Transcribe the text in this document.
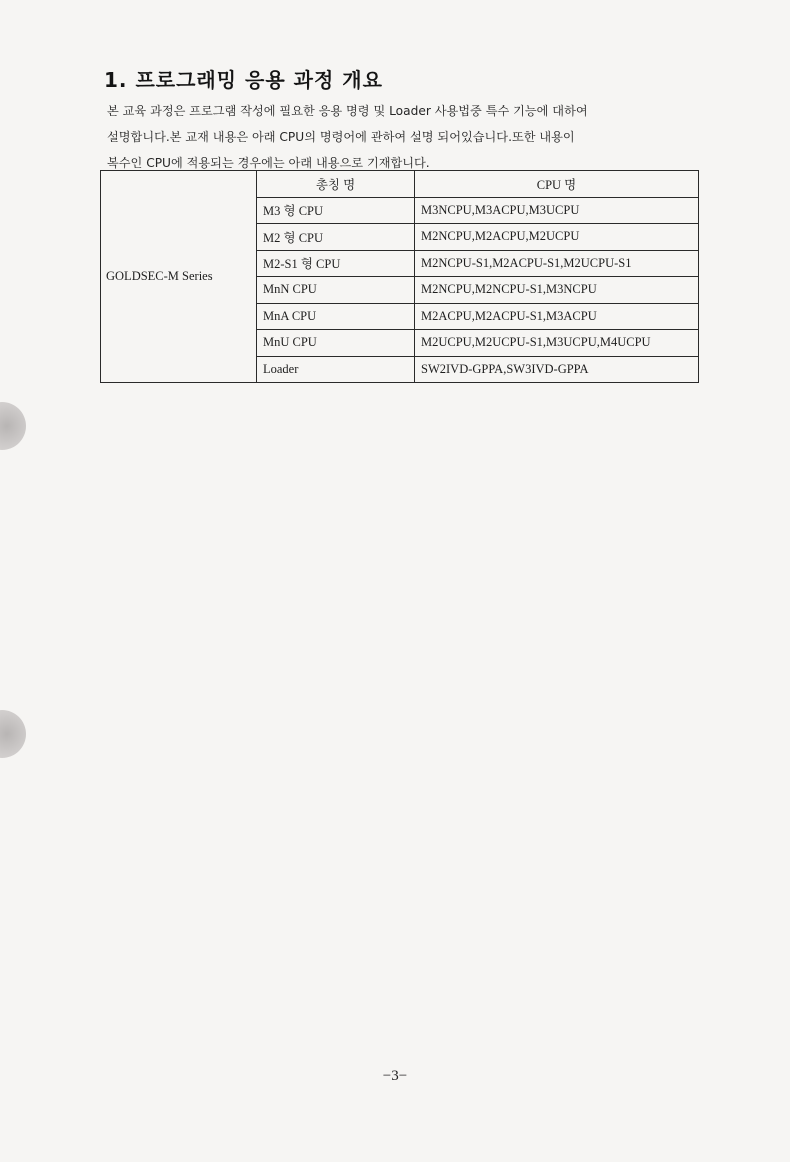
1. 프로그래밍 응용 과정 개요
본 교육 과정은 프로그램 작성에 필요한 응용 명령 및 Loader 사용법중 특수 기능에 대하여
설명합니다.본 교재 내용은 아래 CPU의 명령어에 관하여 설명 되어있습니다.또한 내용이
복수인 CPU에 적용되는 경우에는 아래 내용으로 기재합니다.
GOLDSEC-M Series	총칭 명	CPU 명
	M3 형 CPU	M3NCPU,M3ACPU,M3UCPU
	M2 형 CPU	M2NCPU,M2ACPU,M2UCPU
	M2-S1 형 CPU	M2NCPU-S1,M2ACPU-S1,M2UCPU-S1
	MnN CPU	M2NCPU,M2NCPU-S1,M3NCPU
	MnA CPU	M2ACPU,M2ACPU-S1,M3ACPU
	MnU CPU	M2UCPU,M2UCPU-S1,M3UCPU,M4UCPU
	Loader	SW2IVD-GPPA,SW3IVD-GPPA
−3−
